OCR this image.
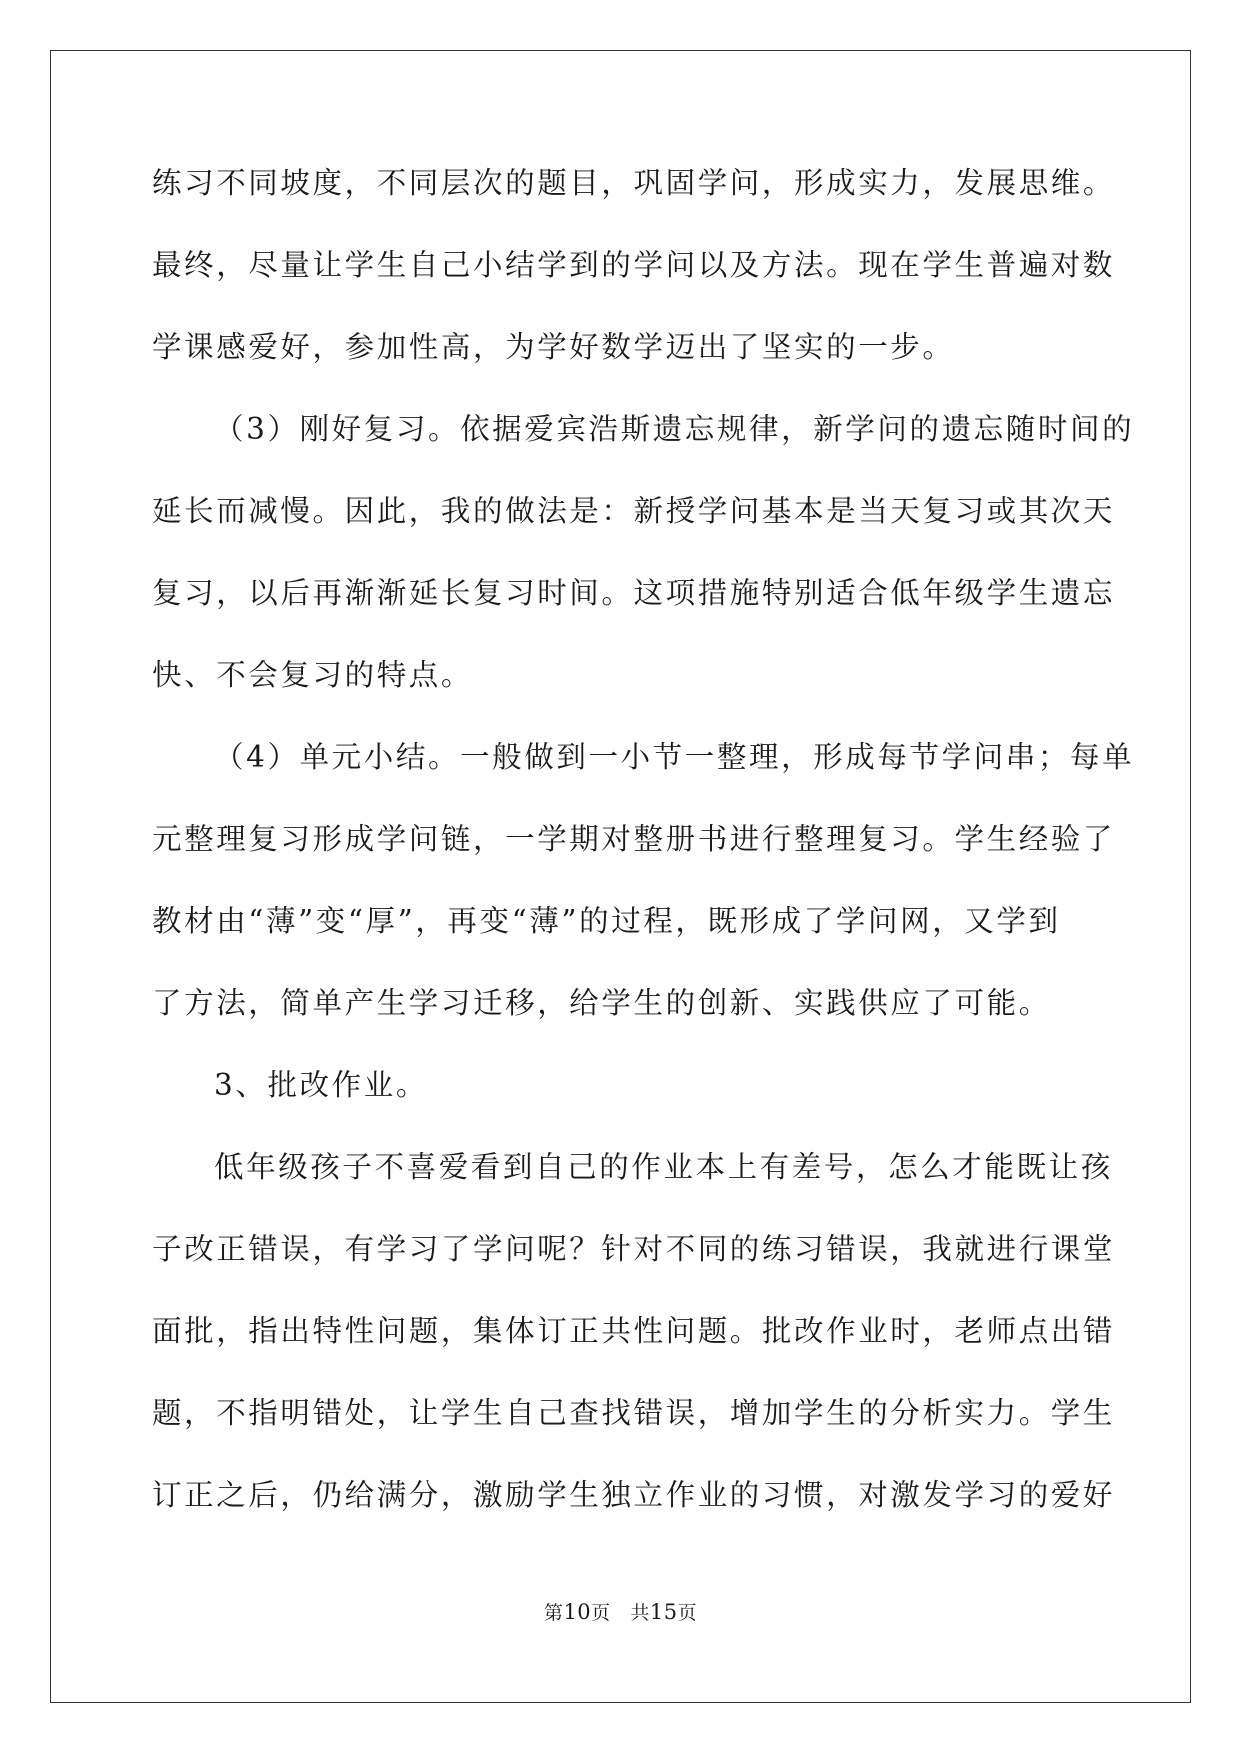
练习不同坡度，不同层次的题目，巩固学问，形成实力，发展思维。
最终，尽量让学生自己小结学到的学问以及方法。现在学生普遍对数
学课感爱好，参加性高，为学好数学迈出了坚实的一步。
（3）刚好复习。依据爱宾浩斯遗忘规律，新学问的遗忘随时间的
延长而减慢。因此，我的做法是：新授学问基本是当天复习或其次天
复习，以后再渐渐延长复习时间。这项措施特别适合低年级学生遗忘
快、不会复习的特点。
（4）单元小结。一般做到一小节一整理，形成每节学问串；每单
元整理复习形成学问链，一学期对整册书进行整理复习。学生经验了
教材由“薄”变“厚”，再变“薄”的过程，既形成了学问网，又学到
了方法，简单产生学习迁移，给学生的创新、实践供应了可能。
3、批改作业。
低年级孩子不喜爱看到自己的作业本上有差号，怎么才能既让孩
子改正错误，有学习了学问呢？针对不同的练习错误，我就进行课堂
面批，指出特性问题，集体订正共性问题。批改作业时，老师点出错
题，不指明错处，让学生自己查找错误，增加学生的分析实力。学生
订正之后，仍给满分，激励学生独立作业的习惯，对激发学习的爱好
第10页 共15页
